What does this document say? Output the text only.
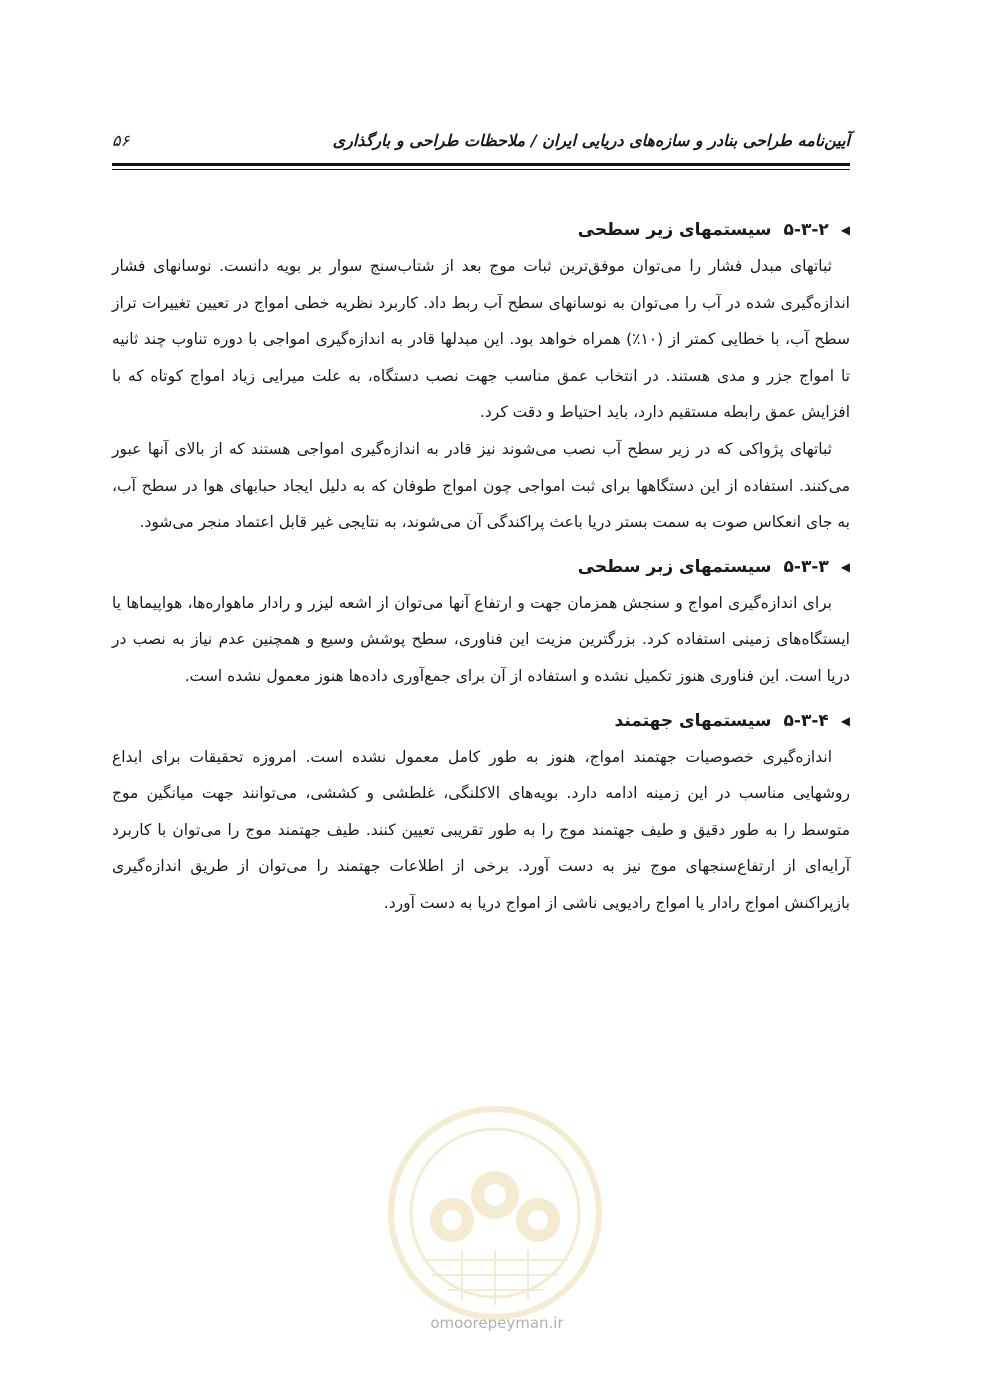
آیین‌نامه طراحی بنادر و سازه‌های دریایی ایران / ملاحظات طراحی و بارگذاری
۵۶
◀
۵-۳-۲
سیستمهای زیر سطحی

ثباتهای مبدل فشار را می‌توان موفق‌ترین ثبات موج بعد از شتاب‌سنج سوار بر بویه دانست. نوسانهای فشار اندازه‌گیری شده در آب را می‌توان به نوسانهای سطح آب ربط داد. کاربرد نظریه خطی امواج در تعیین تغییرات تراز سطح آب، با خطایی کمتر از (۱۰٪) همراه خواهد بود. این مبدلها قادر به اندازه‌گیری امواجی با دوره تناوب چند ثانیه تا امواج جزر و مدی هستند. در انتخاب عمق مناسب جهت نصب دستگاه، به علت میرایی زیاد امواج کوتاه که با افزایش عمق رابطه مستقیم دارد، باید احتیاط و دقت کرد.

ثباتهای پژواکی که در زیر سطح آب نصب می‌شوند نیز قادر به اندازه‌گیری امواجی هستند که از بالای آنها عبور می‌کنند. استفاده از این دستگاهها برای ثبت امواجی چون امواج طوفان که به دلیل ایجاد حبابهای هوا در سطح آب، به جای انعکاس صوت به سمت بستر دریا باعث پراکندگی آن می‌شوند، به نتایجی غیر قابل اعتماد منجر می‌شود.

◀
۵-۳-۳
سیستمهای زبر سطحی

برای اندازه‌گیری امواج و سنجش همزمان جهت و ارتفاع آنها می‌توان از اشعه لیزر و رادار ماهواره‌ها، هواپیماها یا ایستگاه‌های زمینی استفاده کرد. بزرگترین مزیت این فناوری، سطح پوشش وسیع و همچنین عدم نیاز به نصب در دریا است. این فناوری هنوز تکمیل نشده و استفاده از آن برای جمع‌آوری داده‌ها هنوز معمول نشده است.

◀
۵-۳-۴
سیستمهای جهتمند

اندازه‌گیری خصوصیات جهتمند امواج، هنوز به طور کامل معمول نشده است. امروزه تحقیقات برای ابداع روشهایی مناسب در این زمینه ادامه دارد. بویه‌های الاکلنگی، غلطشی و کششی، می‌توانند جهت میانگین موج متوسط را به طور دقیق و طیف جهتمند موج را به طور تقریبی تعیین کنند. طیف جهتمند موج را می‌توان با کاربرد آرایه‌ای از ارتفاع‌سنجهای موج نیز به دست آورد. برخی از اطلاعات جهتمند را می‌توان از طریق اندازه‌گیری بازپراکنش امواج رادار یا امواج رادیویی ناشی از امواج دریا به دست آورد.

omoorepeyman.ir
